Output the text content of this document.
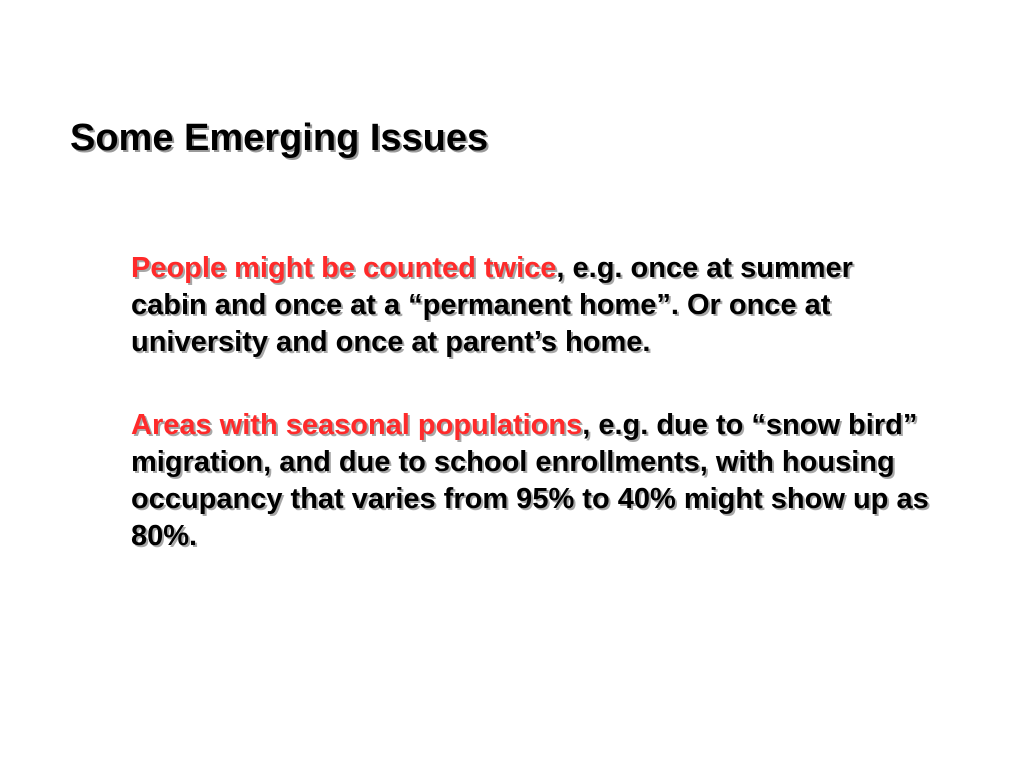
Some Emerging Issues

People might be counted twice, e.g. once at summer cabin and once at a “permanent home”. Or once at university and once at parent’s home.

Areas with seasonal populations, e.g. due to “snow bird” migration, and due to school enrollments, with housing occupancy that varies from 95% to 40% might show up as 80%.
